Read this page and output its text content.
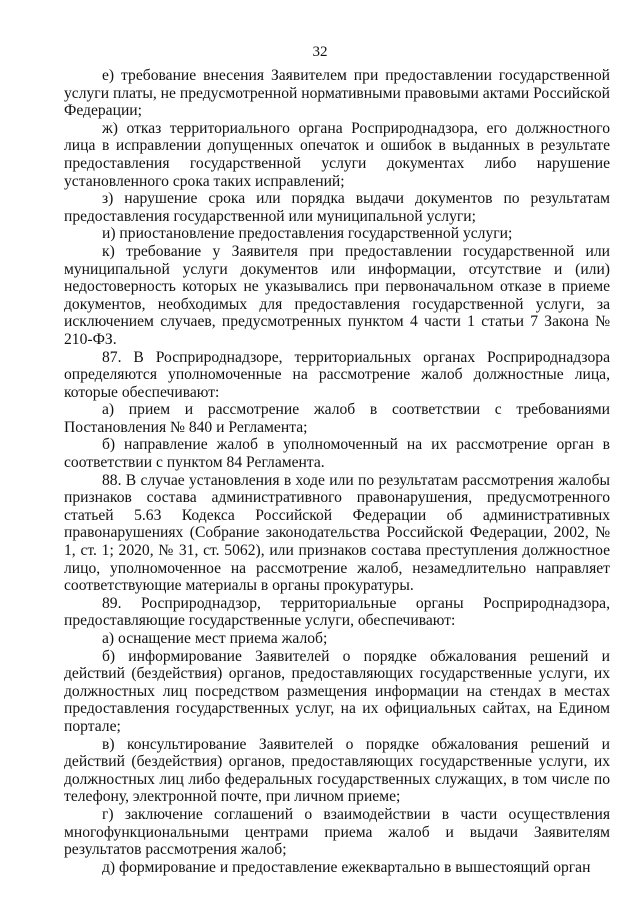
32

е) требование внесения Заявителем при предоставлении государственной услуги платы, не предусмотренной нормативными правовыми актами Российской Федерации;

ж) отказ территориального органа Росприроднадзора, его должностного лица в исправлении допущенных опечаток и ошибок в выданных в результате предоставления государственной услуги документах либо нарушение установленного срока таких исправлений;

з) нарушение срока или порядка выдачи документов по результатам предоставления государственной или муниципальной услуги;

и) приостановление предоставления государственной услуги;

к) требование у Заявителя при предоставлении государственной или муниципальной услуги документов или информации, отсутствие и (или) недостоверность которых не указывались при первоначальном отказе в приеме документов, необходимых для предоставления государственной услуги, за исключением случаев, предусмотренных пунктом 4 части 1 статьи 7 Закона № 210-ФЗ.

87. В Росприроднадзоре, территориальных органах Росприроднадзора определяются уполномоченные на рассмотрение жалоб должностные лица, которые обеспечивают:

а) прием и рассмотрение жалоб в соответствии с требованиями Постановления № 840 и Регламента;

б) направление жалоб в уполномоченный на их рассмотрение орган в соответствии с пунктом 84 Регламента.

88. В случае установления в ходе или по результатам рассмотрения жалобы признаков состава административного правонарушения, предусмотренного статьей 5.63 Кодекса Российской Федерации об административных правонарушениях (Собрание законодательства Российской Федерации, 2002, № 1, ст. 1; 2020, № 31, ст. 5062), или признаков состава преступления должностное лицо, уполномоченное на рассмотрение жалоб, незамедлительно направляет соответствующие материалы в органы прокуратуры.

89. Росприроднадзор, территориальные органы Росприроднадзора, предоставляющие государственные услуги, обеспечивают:

а) оснащение мест приема жалоб;

б) информирование Заявителей о порядке обжалования решений и действий (бездействия) органов, предоставляющих государственные услуги, их должностных лиц посредством размещения информации на стендах в местах предоставления государственных услуг, на их официальных сайтах, на Едином портале;

в) консультирование Заявителей о порядке обжалования решений и действий (бездействия) органов, предоставляющих государственные услуги, их должностных лиц либо федеральных государственных служащих, в том числе по телефону, электронной почте, при личном приеме;

г) заключение соглашений о взаимодействии в части осуществления многофункциональными центрами приема жалоб и выдачи Заявителям результатов рассмотрения жалоб;

д) формирование и предоставление ежеквартально в вышестоящий орган
